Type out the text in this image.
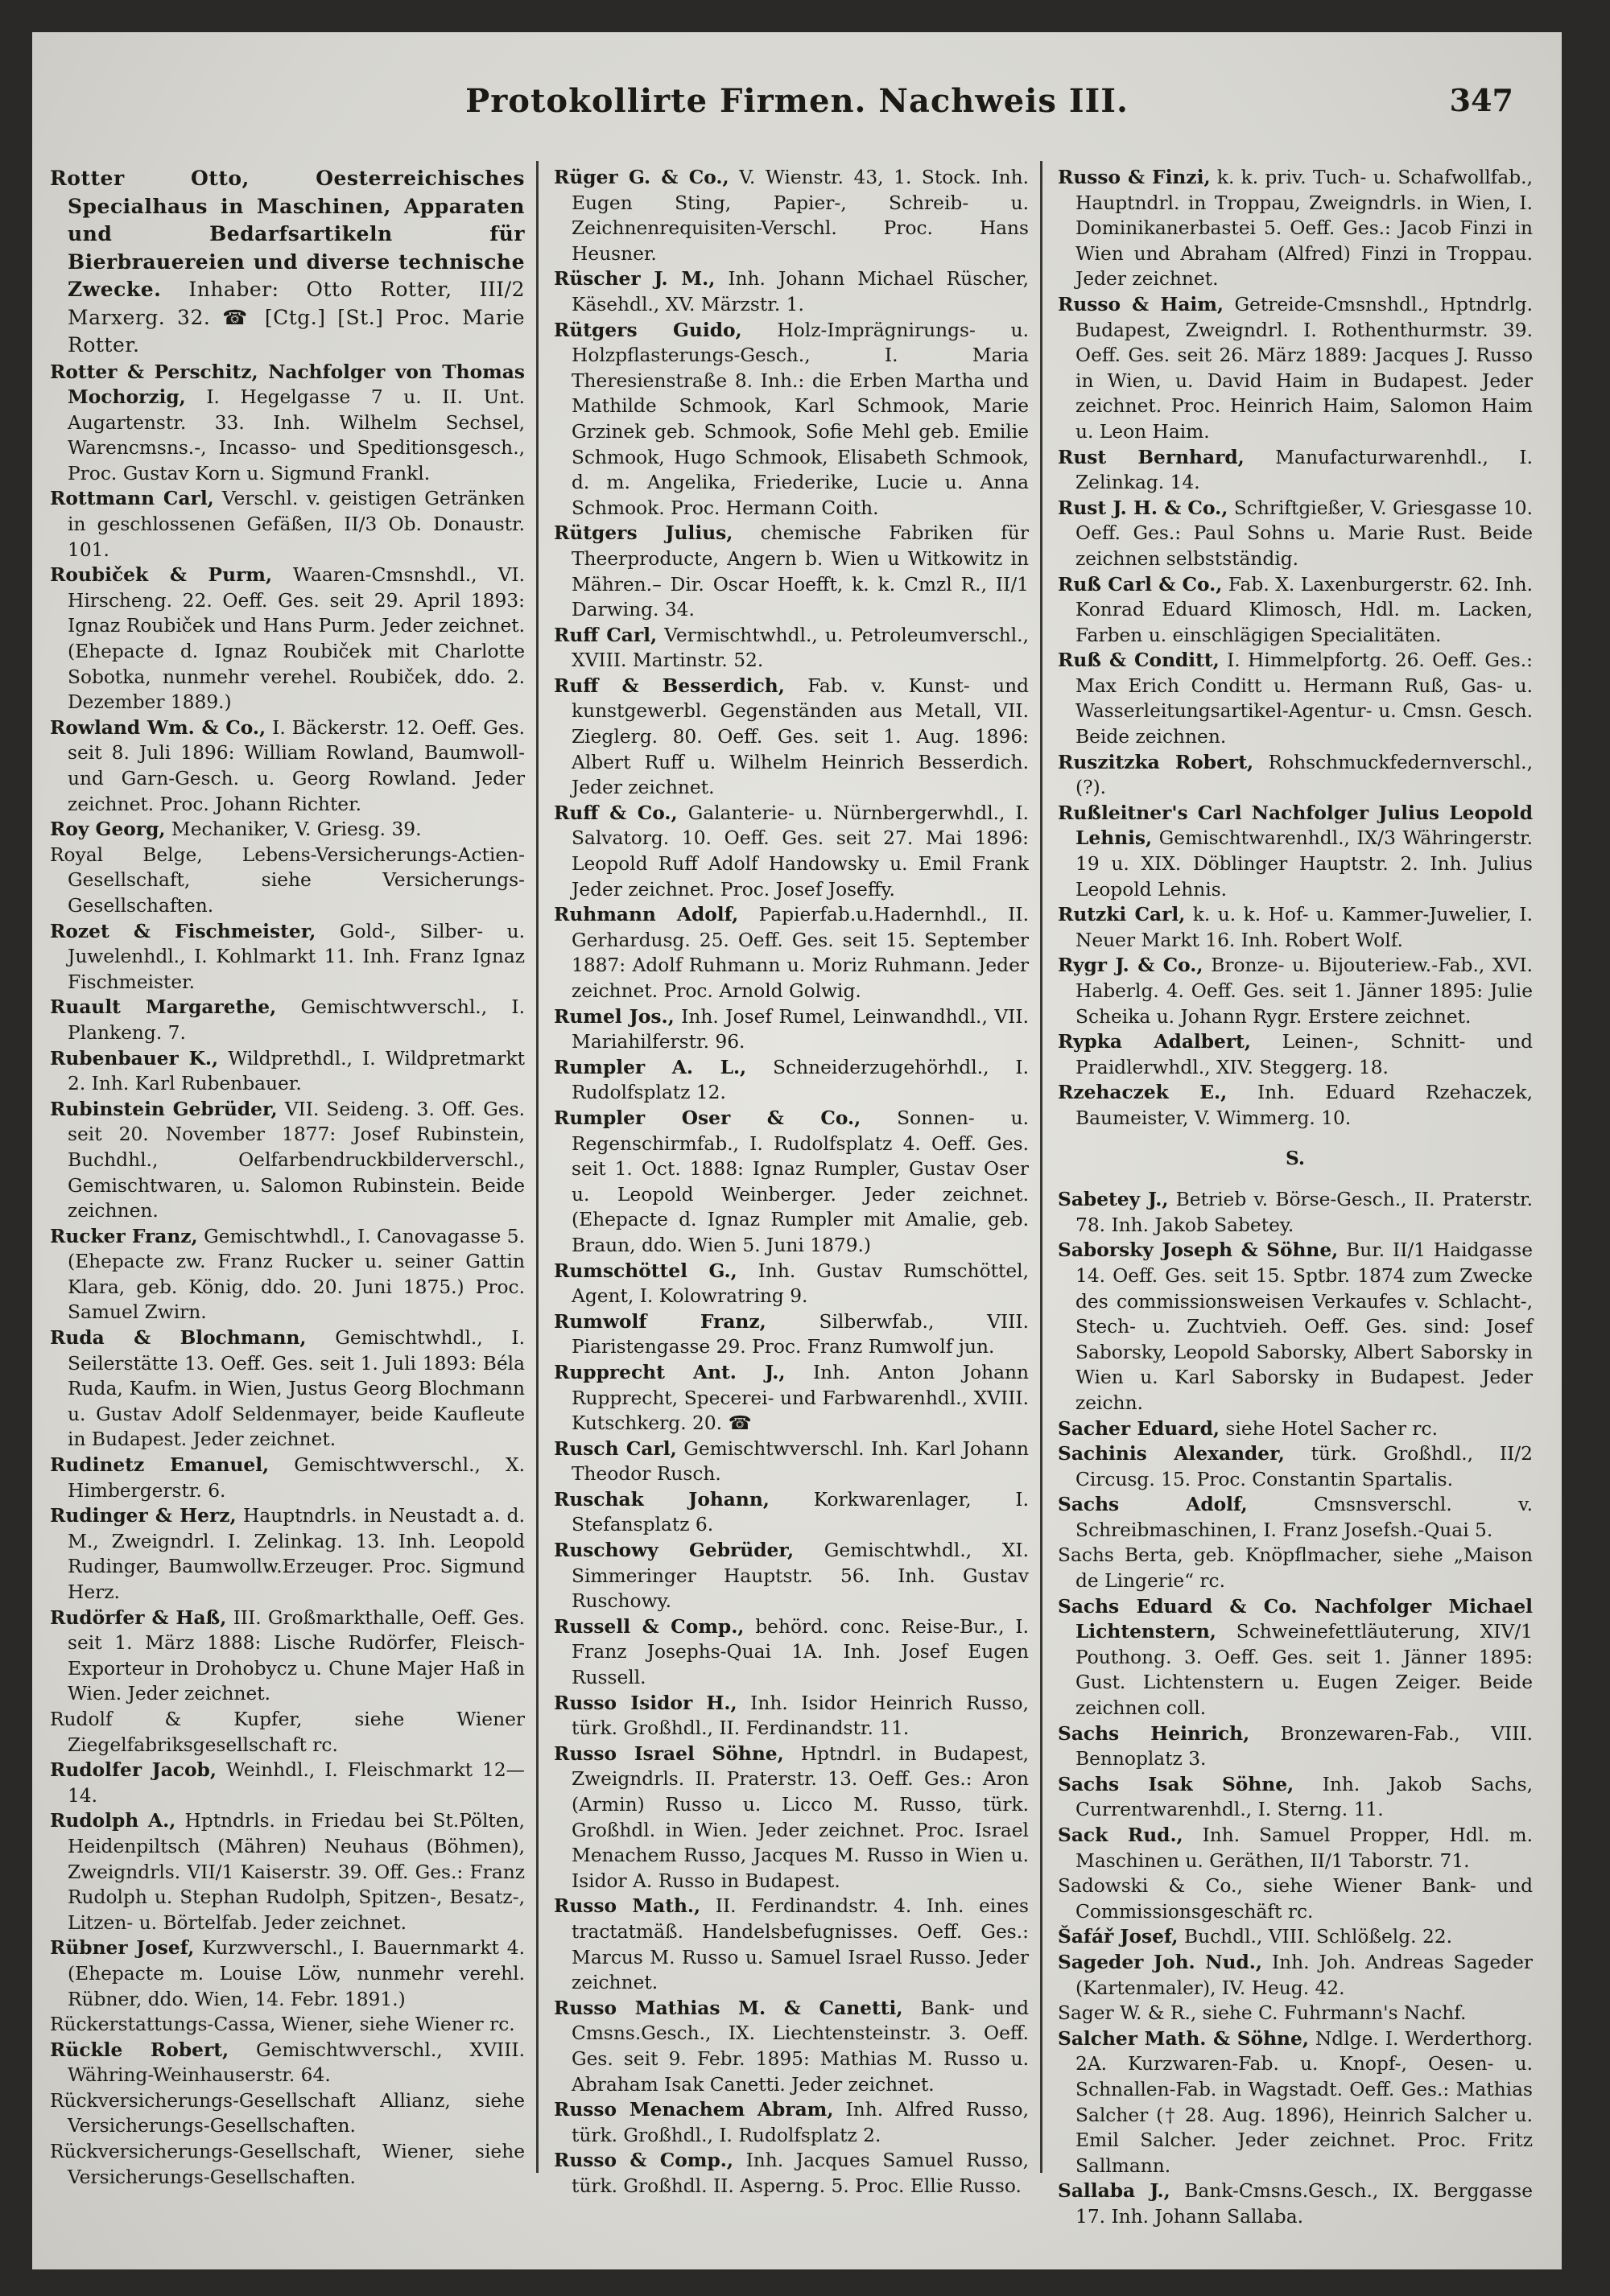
Protokollirte Firmen. Nachweis III.	347

Rotter Otto, Oesterreichisches Specialhaus in Maschinen, Apparaten und Bedarfsartikeln für Bierbrauereien und diverse technische Zwecke. Inhaber: Otto Rotter, III/2 Marxerg. 32. ☎ [Ctg.] [St.] Proc. Marie Rotter.

Rotter & Perschitz, Nachfolger von Thomas Mochorzig, I. Hegelgasse 7 u. II. Unt. Augartenstr. 33. Inh. Wilhelm Sechsel, Warencmsns.-, Incasso- und Speditionsgesch., Proc. Gustav Korn u. Sigmund Frankl.

Rottmann Carl, Verschl. v. geistigen Getränken in geschlossenen Gefäßen, II/3 Ob. Donaustr. 101.

Roubiček & Purm, Waaren-Cmsnshdl., VI. Hirscheng. 22. Oeff. Ges. seit 29. April 1893: Ignaz Roubiček und Hans Purm. Jeder zeichnet. (Ehepacte d. Ignaz Roubiček mit Charlotte Sobotka, nunmehr verehel. Roubiček, ddo. 2. Dezember 1889.)

Rowland Wm. & Co., I. Bäckerstr. 12. Oeff. Ges. seit 8. Juli 1896: William Rowland, Baumwoll- und Garn-Gesch. u. Georg Rowland. Jeder zeichnet. Proc. Johann Richter.

Roy Georg, Mechaniker, V. Griesg. 39.

Royal Belge, Lebens-Versicherungs-Actien-Gesellschaft, siehe Versicherungs-Gesellschaften.

Rozet & Fischmeister, Gold-, Silber- u. Juwelenhdl., I. Kohlmarkt 11. Inh. Franz Ignaz Fischmeister.

Ruault Margarethe, Gemischtwverschl., I. Plankeng. 7.

Rubenbauer K., Wildprethdl., I. Wildpretmarkt 2. Inh. Karl Rubenbauer.

Rubinstein Gebrüder, VII. Seideng. 3. Off. Ges. seit 20. November 1877: Josef Rubinstein, Buchdhl., Oelfarbendruckbilderverschl., Gemischtwaren, u. Salomon Rubinstein. Beide zeichnen.

Rucker Franz, Gemischtwhdl., I. Canovagasse 5. (Ehepacte zw. Franz Rucker u. seiner Gattin Klara, geb. König, ddo. 20. Juni 1875.) Proc. Samuel Zwirn.

Ruda & Blochmann, Gemischtwhdl., I. Seilerstätte 13. Oeff. Ges. seit 1. Juli 1893: Béla Ruda, Kaufm. in Wien, Justus Georg Blochmann u. Gustav Adolf Seldenmayer, beide Kaufleute in Budapest. Jeder zeichnet.

Rudinetz Emanuel, Gemischtwverschl., X. Himbergerstr. 6.

Rudinger & Herz, Hauptndrls. in Neustadt a. d. M., Zweigndrl. I. Zelinkag. 13. Inh. Leopold Rudinger, Baumwollw.Erzeuger. Proc. Sigmund Herz.

Rudörfer & Haß, III. Großmarkthalle, Oeff. Ges. seit 1. März 1888: Lische Rudörfer, Fleisch-Exporteur in Drohobycz u. Chune Majer Haß in Wien. Jeder zeichnet.

Rudolf & Kupfer, siehe Wiener Ziegelfabriksgesellschaft rc.

Rudolfer Jacob, Weinhdl., I. Fleischmarkt 12—14.

Rudolph A., Hptndrls. in Friedau bei St.Pölten, Heidenpiltsch (Mähren) Neuhaus (Böhmen), Zweigndrls. VII/1 Kaiserstr. 39. Off. Ges.: Franz Rudolph u. Stephan Rudolph, Spitzen-, Besatz-, Litzen- u. Börtelfab. Jeder zeichnet.

Rübner Josef, Kurzwverschl., I. Bauernmarkt 4. (Ehepacte m. Louise Löw, nunmehr verehl. Rübner, ddo. Wien, 14. Febr. 1891.)

Rückerstattungs-Cassa, Wiener, siehe Wiener rc.

Rückle Robert, Gemischtwverschl., XVIII. Währing-Weinhauserstr. 64.

Rückversicherungs-Gesellschaft Allianz, siehe Versicherungs-Gesellschaften.

Rückversicherungs-Gesellschaft, Wiener, siehe Versicherungs-Gesellschaften.

Rüger G. & Co., V. Wienstr. 43, 1. Stock. Inh. Eugen Sting, Papier-, Schreib- u. Zeichnenrequisiten-Verschl. Proc. Hans Heusner.

Rüscher J. M., Inh. Johann Michael Rüscher, Käsehdl., XV. Märzstr. 1.

Rütgers Guido, Holz-Imprägnirungs- u. Holzpflasterungs-Gesch., I. Maria Theresienstraße 8. Inh.: die Erben Martha und Mathilde Schmook, Karl Schmook, Marie Grzinek geb. Schmook, Sofie Mehl geb. Emilie Schmook, Hugo Schmook, Elisabeth Schmook, d. m. Angelika, Friederike, Lucie u. Anna Schmook. Proc. Hermann Coith.

Rütgers Julius, chemische Fabriken für Theerproducte, Angern b. Wien u Witkowitz in Mähren.– Dir. Oscar Hoefft, k. k. Cmzl R., II/1 Darwing. 34.

Ruff Carl, Vermischtwhdl., u. Petroleumverschl., XVIII. Martinstr. 52.

Ruff & Besserdich, Fab. v. Kunst- und kunstgewerbl. Gegenständen aus Metall, VII. Zieglerg. 80. Oeff. Ges. seit 1. Aug. 1896: Albert Ruff u. Wilhelm Heinrich Besserdich. Jeder zeichnet.

Ruff & Co., Galanterie- u. Nürnbergerwhdl., I. Salvatorg. 10. Oeff. Ges. seit 27. Mai 1896: Leopold Ruff Adolf Handowsky u. Emil Frank Jeder zeichnet. Proc. Josef Joseffy.

Ruhmann Adolf, Papierfab.u.Hadernhdl., II. Gerhardusg. 25. Oeff. Ges. seit 15. September 1887: Adolf Ruhmann u. Moriz Ruhmann. Jeder zeichnet. Proc. Arnold Golwig.

Rumel Jos., Inh. Josef Rumel, Leinwandhdl., VII. Mariahilferstr. 96.

Rumpler A. L., Schneiderzugehörhdl., I. Rudolfsplatz 12.

Rumpler Oser & Co., Sonnen- u. Regenschirmfab., I. Rudolfsplatz 4. Oeff. Ges. seit 1. Oct. 1888: Ignaz Rumpler, Gustav Oser u. Leopold Weinberger. Jeder zeichnet. (Ehepacte d. Ignaz Rumpler mit Amalie, geb. Braun, ddo. Wien 5. Juni 1879.)

Rumschöttel G., Inh. Gustav Rumschöttel, Agent, I. Kolowratring 9.

Rumwolf Franz, Silberwfab., VIII. Piaristengasse 29. Proc. Franz Rumwolf jun.

Rupprecht Ant. J., Inh. Anton Johann Rupprecht, Specerei- und Farbwarenhdl., XVIII. Kutschkerg. 20. ☎

Rusch Carl, Gemischtwverschl. Inh. Karl Johann Theodor Rusch.

Ruschak Johann, Korkwarenlager, I. Stefansplatz 6.

Ruschowy Gebrüder, Gemischtwhdl., XI. Simmeringer Hauptstr. 56. Inh. Gustav Ruschowy.

Russell & Comp., behörd. conc. Reise-Bur., I. Franz Josephs-Quai 1A. Inh. Josef Eugen Russell.

Russo Isidor H., Inh. Isidor Heinrich Russo, türk. Großhdl., II. Ferdinandstr. 11.

Russo Israel Söhne, Hptndrl. in Budapest, Zweigndrls. II. Praterstr. 13. Oeff. Ges.: Aron (Armin) Russo u. Licco M. Russo, türk. Großhdl. in Wien. Jeder zeichnet. Proc. Israel Menachem Russo, Jacques M. Russo in Wien u. Isidor A. Russo in Budapest.

Russo Math., II. Ferdinandstr. 4. Inh. eines tractatmäß. Handelsbefugnisses. Oeff. Ges.: Marcus M. Russo u. Samuel Israel Russo. Jeder zeichnet.

Russo Mathias M. & Canetti, Bank- und Cmsns.Gesch., IX. Liechtensteinstr. 3. Oeff. Ges. seit 9. Febr. 1895: Mathias M. Russo u. Abraham Isak Canetti. Jeder zeichnet.

Russo Menachem Abram, Inh. Alfred Russo, türk. Großhdl., I. Rudolfsplatz 2.

Russo & Comp., Inh. Jacques Samuel Russo, türk. Großhdl. II. Asperng. 5. Proc. Ellie Russo.

Russo & Finzi, k. k. priv. Tuch- u. Schafwollfab., Hauptndrl. in Troppau, Zweigndrls. in Wien, I. Dominikanerbastei 5. Oeff. Ges.: Jacob Finzi in Wien und Abraham (Alfred) Finzi in Troppau. Jeder zeichnet.

Russo & Haim, Getreide-Cmsnshdl., Hptndrlg. Budapest, Zweigndrl. I. Rothenthurmstr. 39. Oeff. Ges. seit 26. März 1889: Jacques J. Russo in Wien, u. David Haim in Budapest. Jeder zeichnet. Proc. Heinrich Haim, Salomon Haim u. Leon Haim.

Rust Bernhard, Manufacturwarenhdl., I. Zelinkag. 14.

Rust J. H. & Co., Schriftgießer, V. Griesgasse 10. Oeff. Ges.: Paul Sohns u. Marie Rust. Beide zeichnen selbstständig.

Ruß Carl & Co., Fab. X. Laxenburgerstr. 62. Inh. Konrad Eduard Klimosch, Hdl. m. Lacken, Farben u. einschlägigen Specialitäten.

Ruß & Conditt, I. Himmelpfortg. 26. Oeff. Ges.: Max Erich Conditt u. Hermann Ruß, Gas- u. Wasserleitungsartikel-Agentur- u. Cmsn. Gesch. Beide zeichnen.

Ruszitzka Robert, Rohschmuckfedernverschl., (?).

Rußleitner's Carl Nachfolger Julius Leopold Lehnis, Gemischtwarenhdl., IX/3 Währingerstr. 19 u. XIX. Döblinger Hauptstr. 2. Inh. Julius Leopold Lehnis.

Rutzki Carl, k. u. k. Hof- u. Kammer-Juwelier, I. Neuer Markt 16. Inh. Robert Wolf.

Rygr J. & Co., Bronze- u. Bijouteriew.-Fab., XVI. Haberlg. 4. Oeff. Ges. seit 1. Jänner 1895: Julie Scheika u. Johann Rygr. Erstere zeichnet.

Rypka Adalbert, Leinen-, Schnitt- und Praidlerwhdl., XIV. Steggerg. 18.

Rzehaczek E., Inh. Eduard Rzehaczek, Baumeister, V. Wimmerg. 10.

S.

Sabetey J., Betrieb v. Börse-Gesch., II. Praterstr. 78. Inh. Jakob Sabetey.

Saborsky Joseph & Söhne, Bur. II/1 Haidgasse 14. Oeff. Ges. seit 15. Sptbr. 1874 zum Zwecke des commissionsweisen Verkaufes v. Schlacht-, Stech- u. Zuchtvieh. Oeff. Ges. sind: Josef Saborsky, Leopold Saborsky, Albert Saborsky in Wien u. Karl Saborsky in Budapest. Jeder zeichn.

Sacher Eduard, siehe Hotel Sacher rc.

Sachinis Alexander, türk. Großhdl., II/2 Circusg. 15. Proc. Constantin Spartalis.

Sachs Adolf, Cmsnsverschl. v. Schreibmaschinen, I. Franz Josefsh.-Quai 5.

Sachs Berta, geb. Knöpflmacher, siehe „Maison de Lingerie“ rc.

Sachs Eduard & Co. Nachfolger Michael Lichtenstern, Schweinefettläuterung, XIV/1 Pouthong. 3. Oeff. Ges. seit 1. Jänner 1895: Gust. Lichtenstern u. Eugen Zeiger. Beide zeichnen coll.

Sachs Heinrich, Bronzewaren-Fab., VIII. Bennoplatz 3.

Sachs Isak Söhne, Inh. Jakob Sachs, Currentwarenhdl., I. Sterng. 11.

Sack Rud., Inh. Samuel Propper, Hdl. m. Maschinen u. Geräthen, II/1 Taborstr. 71.

Sadowski & Co., siehe Wiener Bank- und Commissionsgeschäft rc.

Šafář Josef, Buchdl., VIII. Schlößelg. 22.

Sageder Joh. Nud., Inh. Joh. Andreas Sageder (Kartenmaler), IV. Heug. 42.

Sager W. & R., siehe C. Fuhrmann's Nachf.

Salcher Math. & Söhne, Ndlge. I. Werderthorg. 2A. Kurzwaren-Fab. u. Knopf-, Oesen- u. Schnallen-Fab. in Wagstadt. Oeff. Ges.: Mathias Salcher († 28. Aug. 1896), Heinrich Salcher u. Emil Salcher. Jeder zeichnet. Proc. Fritz Sallmann.

Sallaba J., Bank-Cmsns.Gesch., IX. Berggasse 17. Inh. Johann Sallaba.
